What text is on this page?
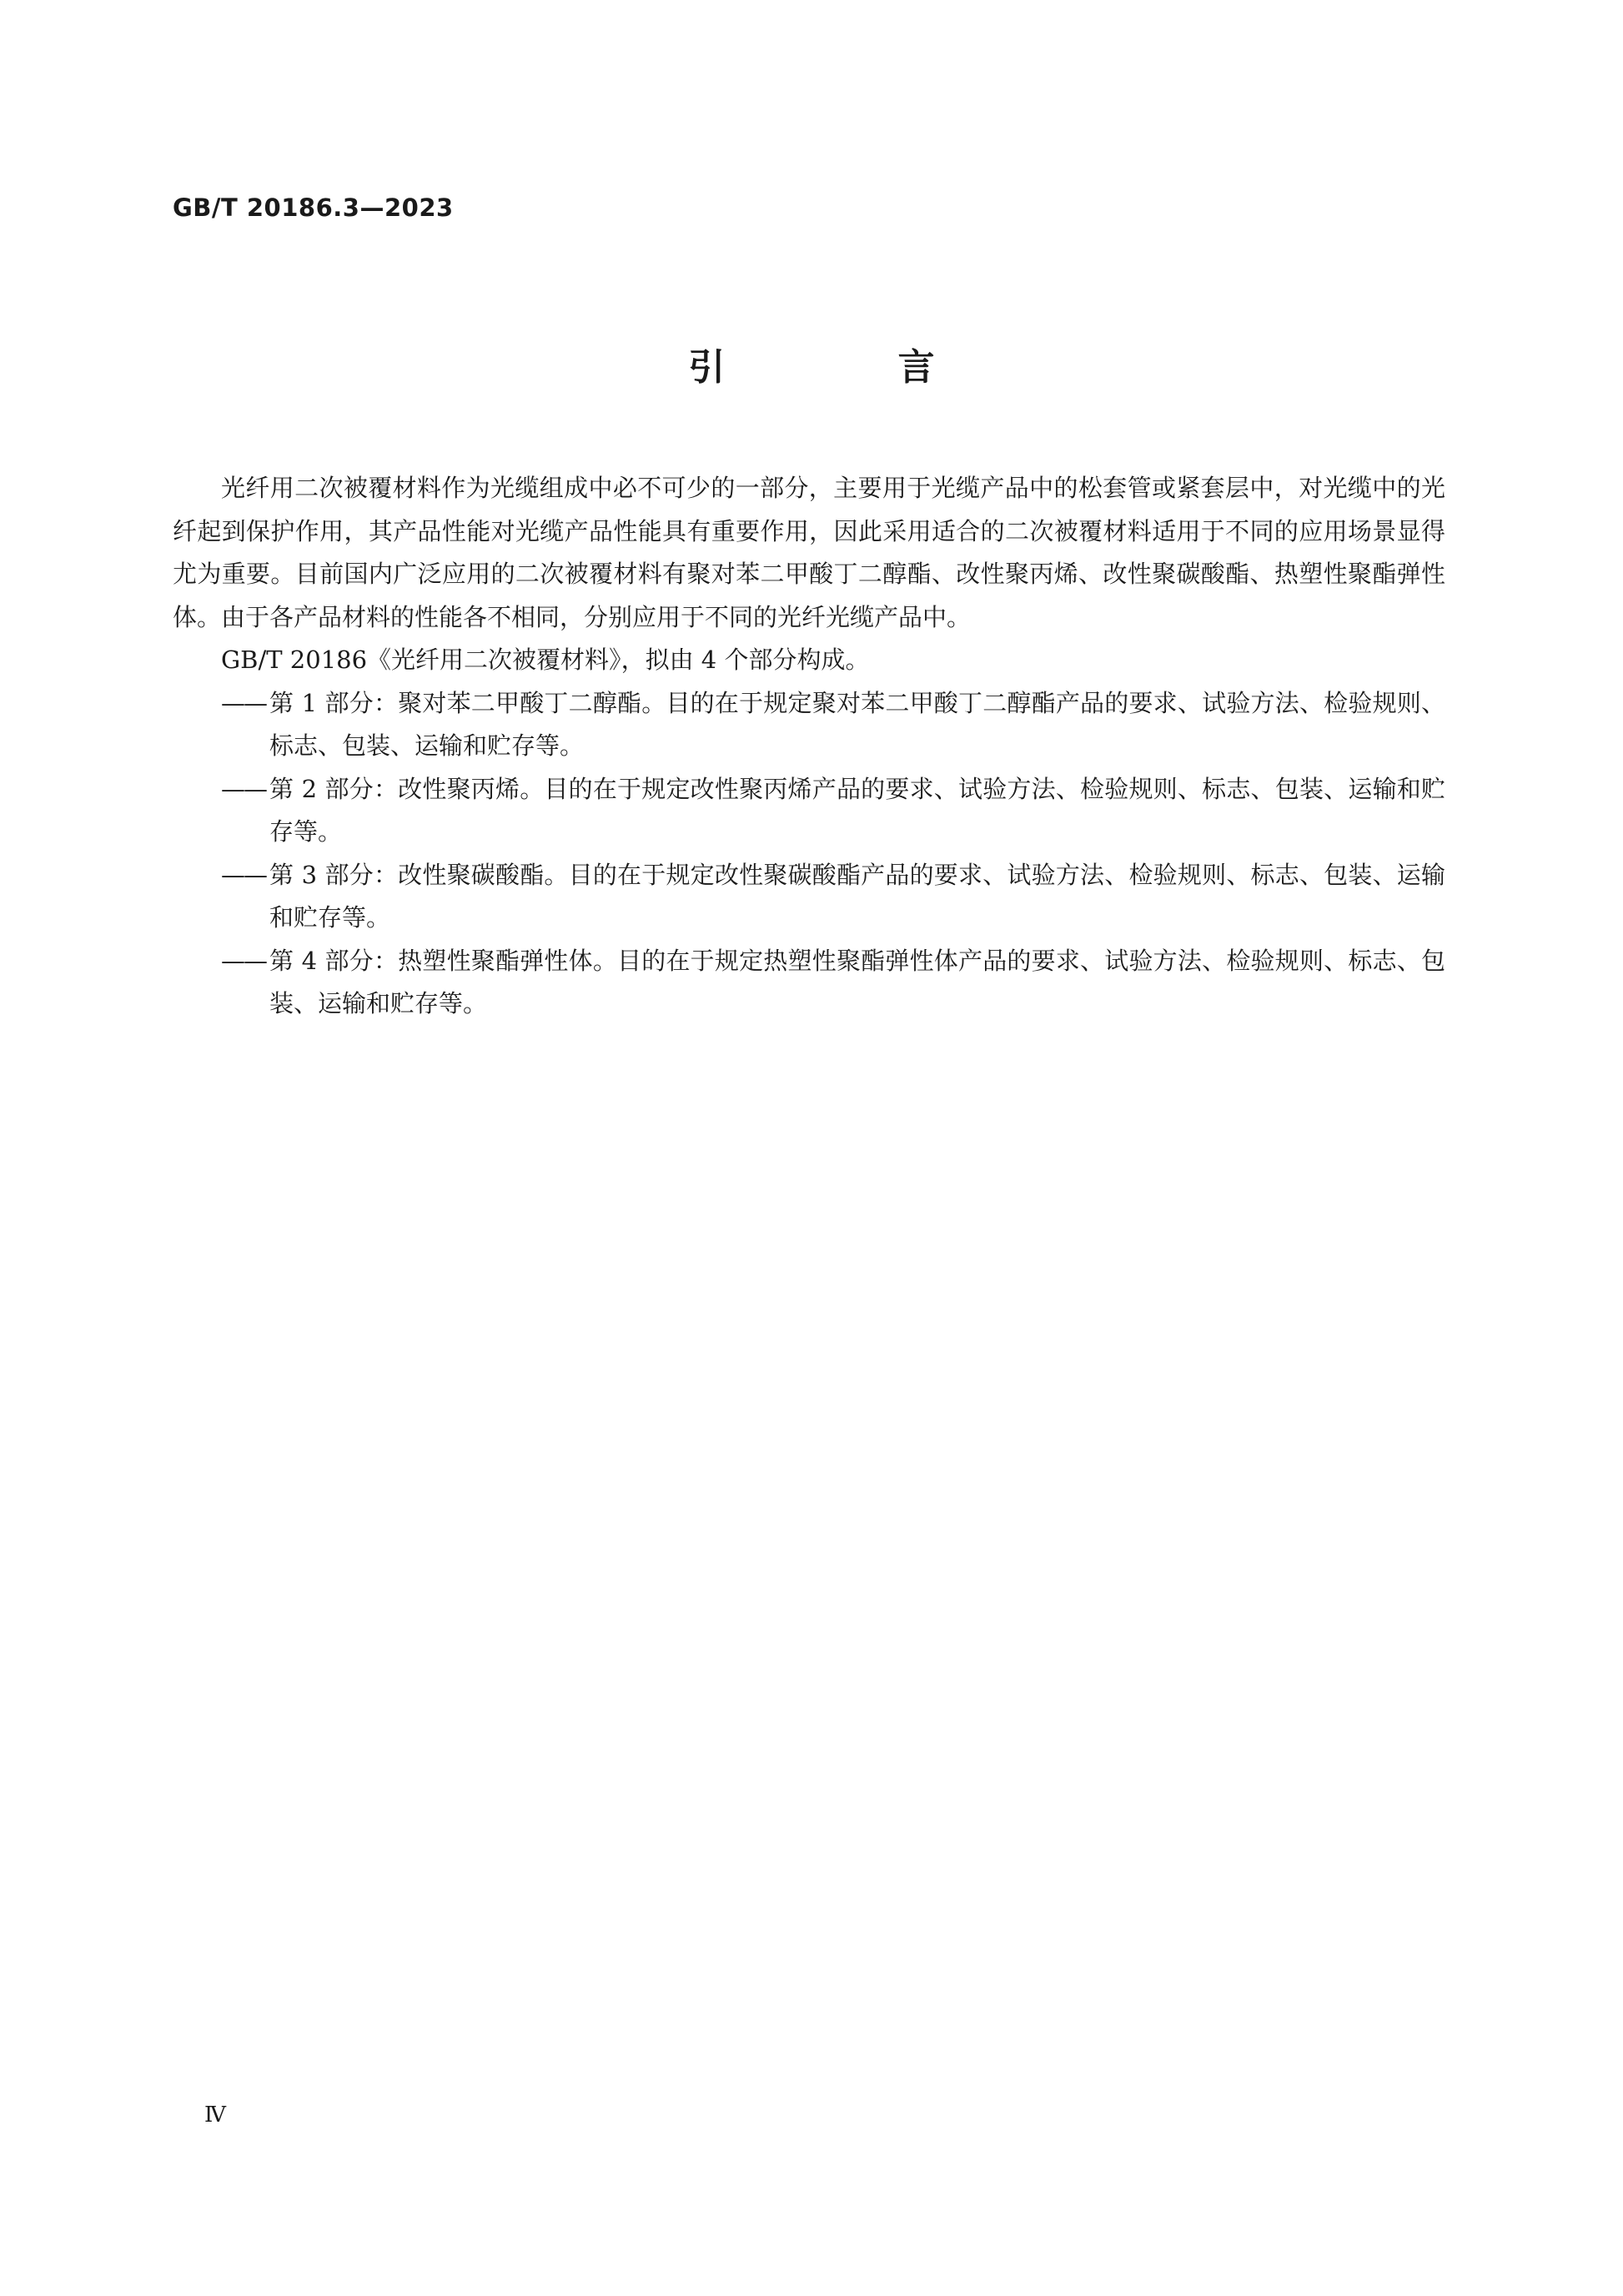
GB/T 20186.3—2023
引 言

光纤用二次被覆材料作为光缆组成中必不可少的一部分，主要用于光缆产品中的松套管或紧套层中，对光缆中的光纤起到保护作用，其产品性能对光缆产品性能具有重要作用，因此采用适合的二次被覆材料适用于不同的应用场景显得尤为重要。目前国内广泛应用的二次被覆材料有聚对苯二甲酸丁二醇酯、改性聚丙烯、改性聚碳酸酯、热塑性聚酯弹性体。由于各产品材料的性能各不相同，分别应用于不同的光纤光缆产品中。

GB/T 20186《光纤用二次被覆材料》，拟由 4 个部分构成。

—— 第 1 部分：聚对苯二甲酸丁二醇酯。目的在于规定聚对苯二甲酸丁二醇酯产品的要求、试验方法、检验规则、标志、包装、运输和贮存等。
—— 第 2 部分：改性聚丙烯。目的在于规定改性聚丙烯产品的要求、试验方法、检验规则、标志、包装、运输和贮存等。
—— 第 3 部分：改性聚碳酸酯。目的在于规定改性聚碳酸酯产品的要求、试验方法、检验规则、标志、包装、运输和贮存等。
—— 第 4 部分：热塑性聚酯弹性体。目的在于规定热塑性聚酯弹性体产品的要求、试验方法、检验规则、标志、包装、运输和贮存等。
Ⅳ
